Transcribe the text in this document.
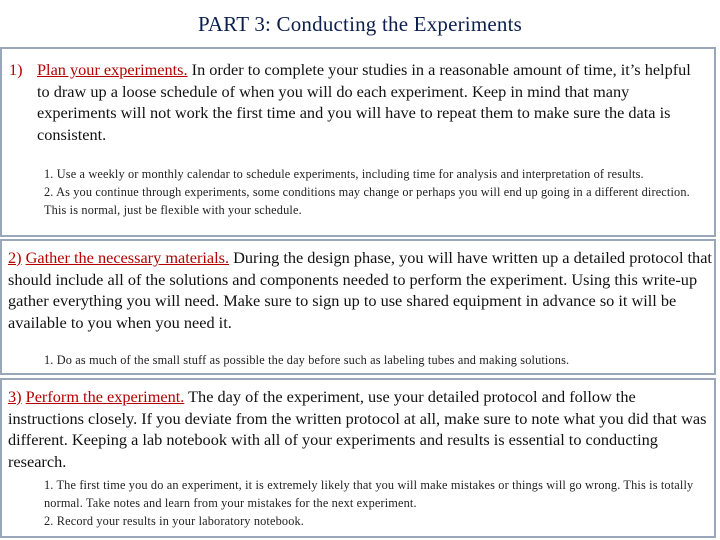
PART 3: Conducting the Experiments
1) Plan your experiments. In order to complete your studies in a reasonable amount of time, it’s helpful to draw up a loose schedule of when you will do each experiment. Keep in mind that many experiments will not work the first time and you will have to repeat them to make sure the data is consistent.

1. Use a weekly or monthly calendar to schedule experiments, including time for analysis and interpretation of results.

2. As you continue through experiments, some conditions may change or perhaps you will end up going in a different direction. This is normal, just be flexible with your schedule.

2) Gather the necessary materials. During the design phase, you will have written up a detailed protocol that should include all of the solutions and components needed to perform the experiment. Using this write-up gather everything you will need. Make sure to sign up to use shared equipment in advance so it will be available to you when you need it.

1. Do as much of the small stuff as possible the day before such as labeling tubes and making solutions.

3) Perform the experiment. The day of the experiment, use your detailed protocol and follow the instructions closely. If you deviate from the written protocol at all, make sure to note what you did that was different. Keeping a lab notebook with all of your experiments and results is essential to conducting research.

1. The first time you do an experiment, it is extremely likely that you will make mistakes or things will go wrong. This is totally normal. Take notes and learn from your mistakes for the next experiment.

2. Record your results in your laboratory notebook.
